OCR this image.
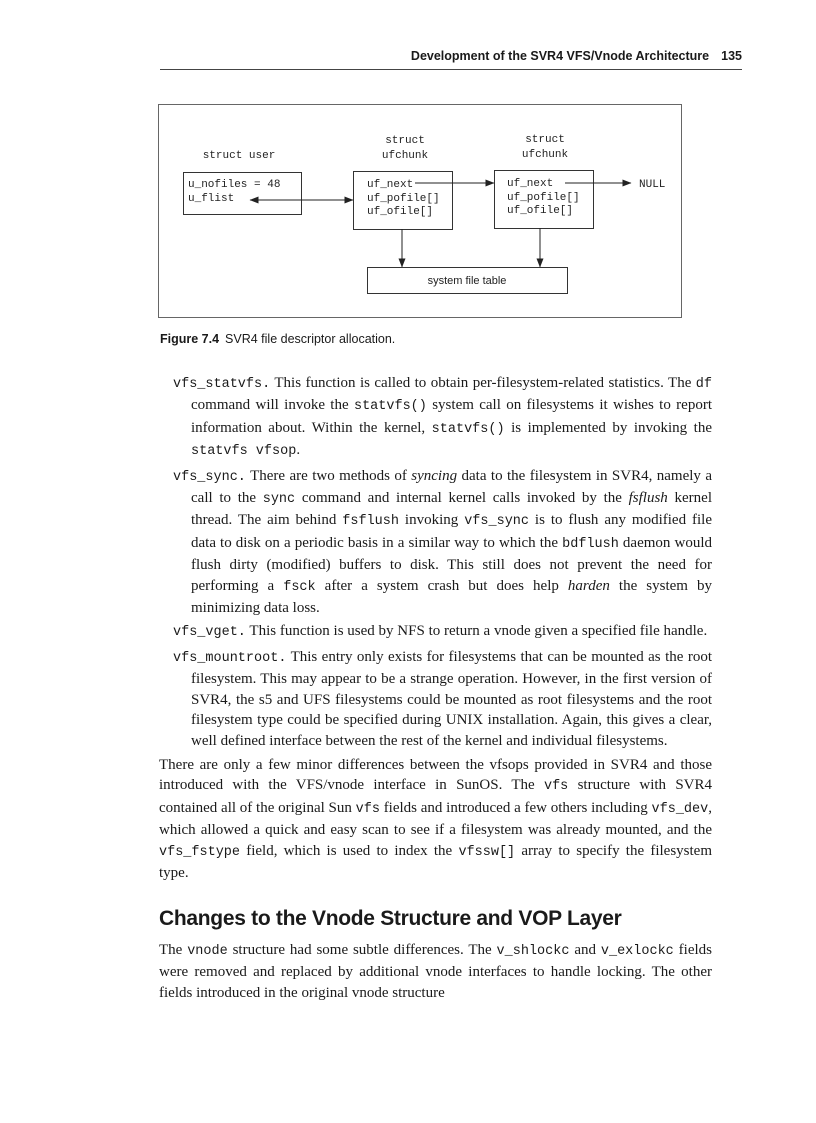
Development of the SVR4 VFS/Vnode Architecture 135
struct user
struct
ufchunk
struct
ufchunk
u_nofiles = 48
u_flist
uf_next
uf_pofile[]
uf_ofile[]
uf_next
uf_pofile[]
uf_ofile[]
NULL
system file table
Figure 7.4 SVR4 file descriptor allocation.

vfs_statvfs. This function is called to obtain per-filesystem-related statistics. The df command will invoke the statvfs() system call on filesystems it wishes to report information about. Within the kernel, statvfs() is implemented by invoking the statvfs vfsop.

vfs_sync. There are two methods of syncing data to the filesystem in SVR4, namely a call to the sync command and internal kernel calls invoked by the fsflush kernel thread. The aim behind fsflush invoking vfs_sync is to flush any modified file data to disk on a periodic basis in a similar way to which the bdflush daemon would flush dirty (modified) buffers to disk. This still does not prevent the need for performing a fsck after a system crash but does help harden the system by minimizing data loss.

vfs_vget. This function is used by NFS to return a vnode given a specified file handle.

vfs_mountroot. This entry only exists for filesystems that can be mounted as the root filesystem. This may appear to be a strange operation. However, in the first version of SVR4, the s5 and UFS filesystems could be mounted as root filesystems and the root filesystem type could be specified during UNIX installation. Again, this gives a clear, well defined interface between the rest of the kernel and individual filesystems.

There are only a few minor differences between the vfsops provided in SVR4 and those introduced with the VFS/vnode interface in SunOS. The vfs structure with SVR4 contained all of the original Sun vfs fields and introduced a few others including vfs_dev, which allowed a quick and easy scan to see if a filesystem was already mounted, and the vfs_fstype field, which is used to index the vfssw[] array to specify the filesystem type.

Changes to the Vnode Structure and VOP Layer

The vnode structure had some subtle differences. The v_shlockc and v_exlockc fields were removed and replaced by additional vnode interfaces to handle locking. The other fields introduced in the original vnode structure
